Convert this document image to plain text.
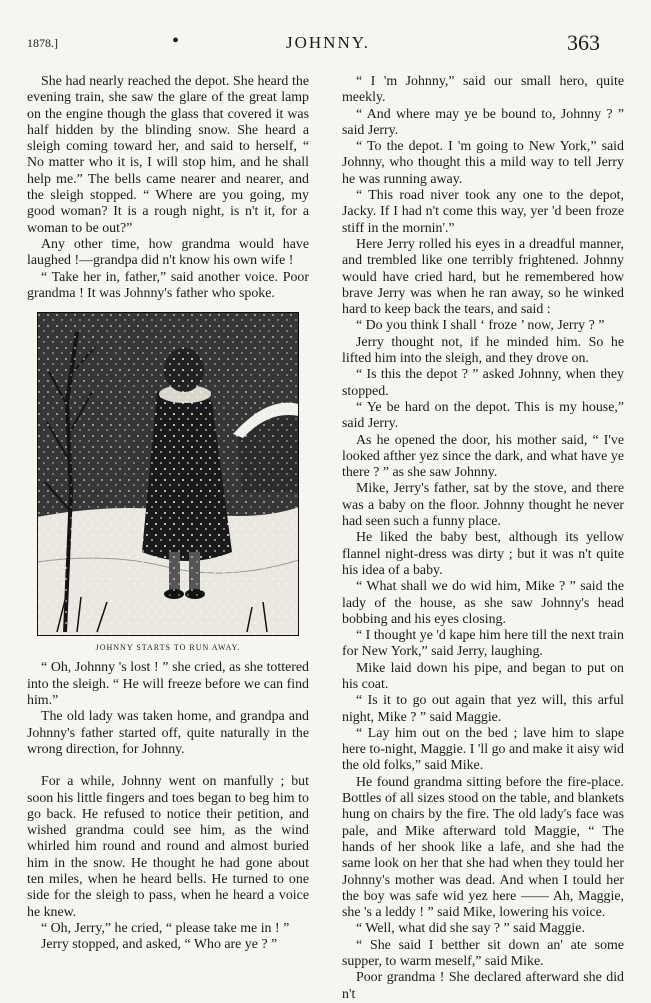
1878.]	•	JOHNNY.	363

She had nearly reached the depot. She heard the evening train, she saw the glare of the great lamp on the engine though the glass that covered it was half hidden by the blinding snow. She heard a sleigh coming toward her, and said to herself, “ No matter who it is, I will stop him, and he shall help me.” The bells came nearer and nearer, and the sleigh stopped. “ Where are you going, my good woman? It is a rough night, is n't it, for a woman to be out?”

Any other time, how grandma would have laughed !—grandpa did n't know his own wife !

“ Take her in, father,” said another voice. Poor grandma ! It was Johnny's father who spoke.

JOHNNY STARTS TO RUN AWAY.

“ Oh, Johnny 's lost ! ” she cried, as she tottered into the sleigh. “ He will freeze before we can find him.”

The old lady was taken home, and grandpa and Johnny's father started off, quite naturally in the wrong direction, for Johnny.

For a while, Johnny went on manfully ; but soon his little fingers and toes began to beg him to go back. He refused to notice their petition, and wished grandma could see him, as the wind whirled him round and round and almost buried him in the snow. He thought he had gone about ten miles, when he heard bells. He turned to one side for the sleigh to pass, when he heard a voice he knew.

“ Oh, Jerry,” he cried, “ please take me in ! ”

Jerry stopped, and asked, “ Who are ye ? ”

“ I 'm Johnny,” said our small hero, quite meekly.

“ And where may ye be bound to, Johnny ? ” said Jerry.

“ To the depot. I 'm going to New York,” said Johnny, who thought this a mild way to tell Jerry he was running away.

“ This road niver took any one to the depot, Jacky. If I had n't come this way, yer 'd been froze stiff in the mornin'.”

Here Jerry rolled his eyes in a dreadful manner, and trembled like one terribly frightened. Johnny would have cried hard, but he remembered how brave Jerry was when he ran away, so he winked hard to keep back the tears, and said :

“ Do you think I shall ‘ froze ’ now, Jerry ? ”

Jerry thought not, if he minded him. So he lifted him into the sleigh, and they drove on.

“ Is this the depot ? ” asked Johnny, when they stopped.

“ Ye be hard on the depot. This is my house,” said Jerry.

As he opened the door, his mother said, “ I've looked afther yez since the dark, and what have ye there ? ” as she saw Johnny.

Mike, Jerry's father, sat by the stove, and there was a baby on the floor. Johnny thought he never had seen such a funny place.

He liked the baby best, although its yellow flannel night-dress was dirty ; but it was n't quite his idea of a baby.

“ What shall we do wid him, Mike ? ” said the lady of the house, as she saw Johnny's head bobbing and his eyes closing.

“ I thought ye 'd kape him here till the next train for New York,” said Jerry, laughing.

Mike laid down his pipe, and began to put on his coat.

“ Is it to go out again that yez will, this arful night, Mike ? ” said Maggie.

“ Lay him out on the bed ; lave him to slape here to-night, Maggie. I 'll go and make it aisy wid the old folks,” said Mike.

He found grandma sitting before the fire-place. Bottles of all sizes stood on the table, and blankets hung on chairs by the fire. The old lady's face was pale, and Mike afterward told Maggie, “ The hands of her shook like a lafe, and she had the same look on her that she had when they tould her Johnny's mother was dead. And when I tould her the boy was safe wid yez here —— Ah, Maggie, she 's a leddy ! ” said Mike, lowering his voice.

“ Well, what did she say ? ” said Maggie.

“ She said I betther sit down an' ate some supper, to warm meself,” said Mike.

Poor grandma ! She declared afterward she did n't
